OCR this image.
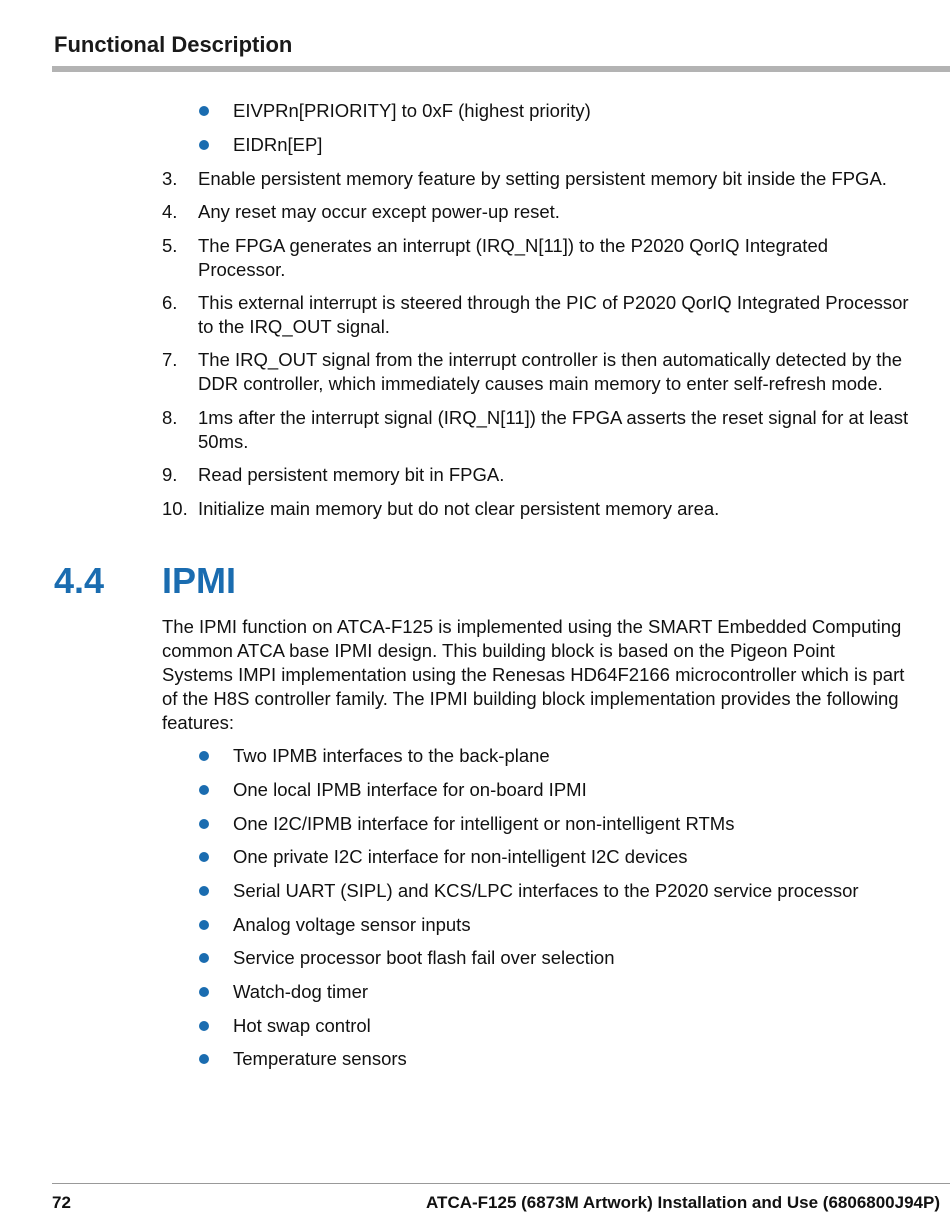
Functional Description
EIVPRn[PRIORITY] to 0xF (highest priority)
EIDRn[EP]
3. Enable persistent memory feature by setting persistent memory bit inside the FPGA.
4. Any reset may occur except power-up reset.
5. The FPGA generates an interrupt (IRQ_N[11]) to the P2020 QorIQ Integrated
Processor.
6. This external interrupt is steered through the PIC of P2020 QorIQ Integrated Processor
to the IRQ_OUT signal.
7. The IRQ_OUT signal from the interrupt controller is then automatically detected by the
DDR controller, which immediately causes main memory to enter self-refresh mode.
8. 1ms after the interrupt signal (IRQ_N[11]) the FPGA asserts the reset signal for at least
50ms.
9. Read persistent memory bit in FPGA.
10. Initialize main memory but do not clear persistent memory area.
4.4 IPMI
The IPMI function on ATCA-F125 is implemented using the SMART Embedded Computing
common ATCA base IPMI design. This building block is based on the Pigeon Point
Systems IMPI implementation using the Renesas HD64F2166 microcontroller which is part
of the H8S controller family. The IPMI building block implementation provides the following
features:
Two IPMB interfaces to the back-plane
One local IPMB interface for on-board IPMI
One I2C/IPMB interface for intelligent or non-intelligent RTMs
One private I2C interface for non-intelligent I2C devices
Serial UART (SIPL) and KCS/LPC interfaces to the P2020 service processor
Analog voltage sensor inputs
Service processor boot flash fail over selection
Watch-dog timer
Hot swap control
Temperature sensors
72	ATCA-F125 (6873M Artwork) Installation and Use (6806800J94P)
